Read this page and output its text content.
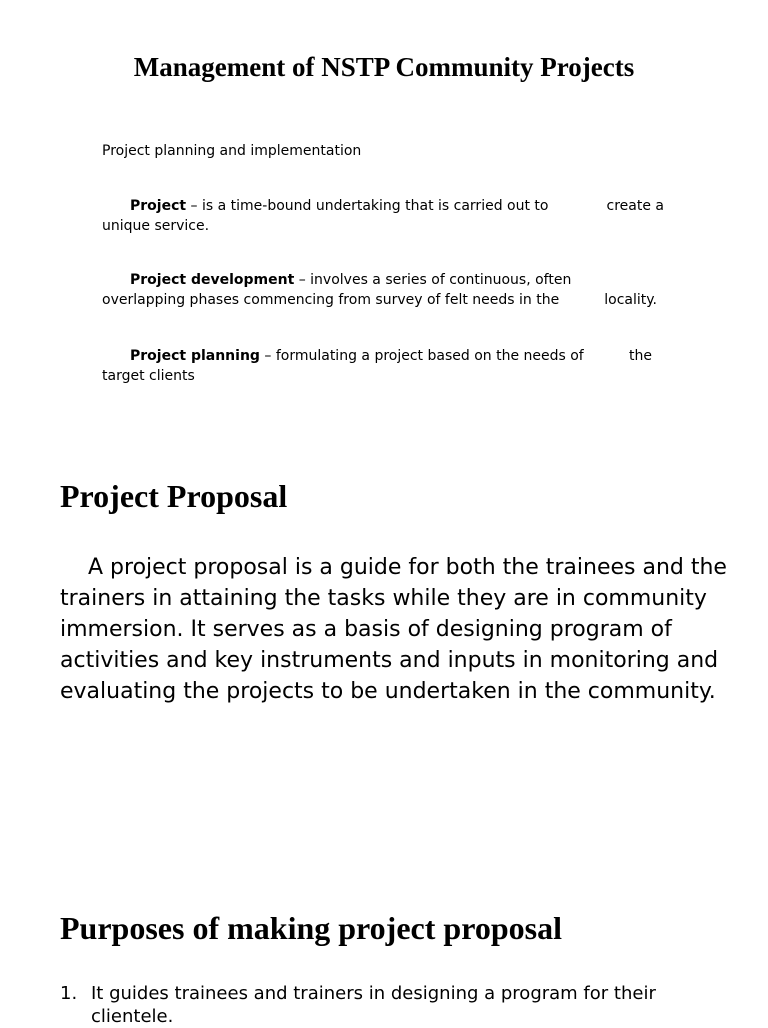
Management of NSTP Community Projects
Project planning and implementation
Project – is a time-bound undertaking that is carried out to	create a
unique service.
Project development – involves a series of continuous, often
overlapping phases commencing from survey of felt needs in the	locality.
Project planning – formulating a project based on the needs of	the
target clients
Project Proposal

A project proposal is a guide for both the trainees and the trainers in attaining the tasks while they are in community immersion. It serves as a basis of designing program of activities and key instruments and inputs in monitoring and evaluating the projects to be undertaken in the community.

Purposes of making project proposal
1. It guides trainees and trainers in designing a program for their clientele.
